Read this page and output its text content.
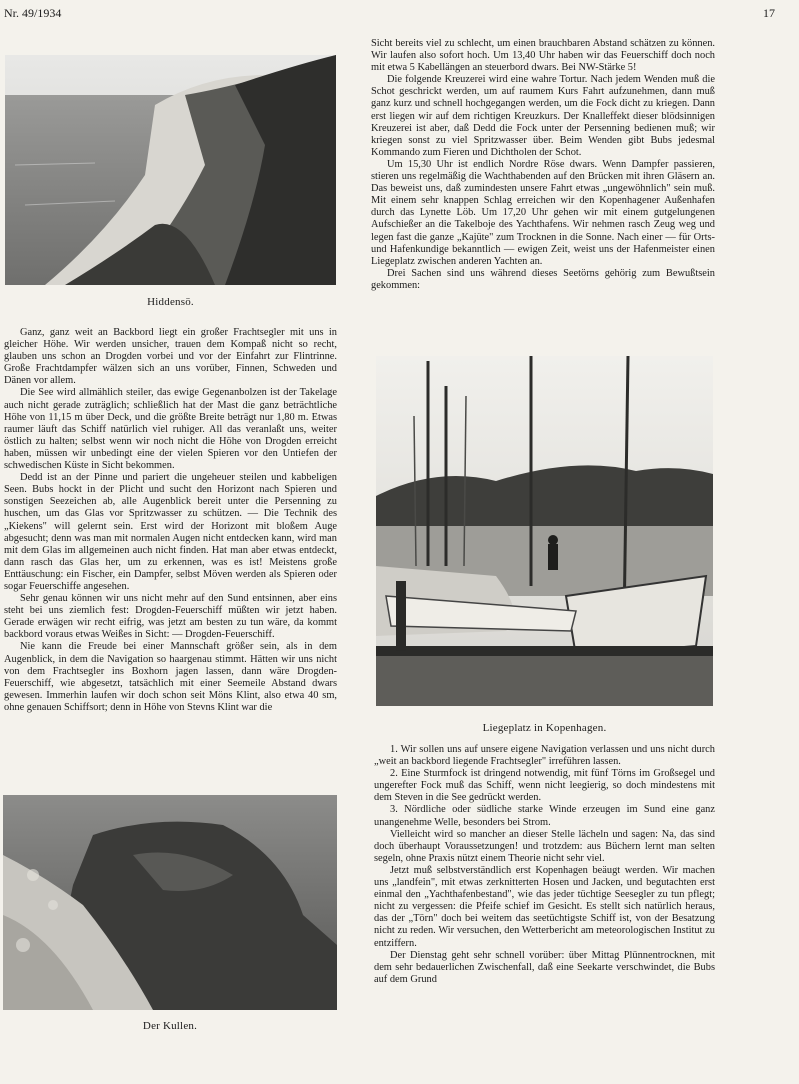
Nr. 49/1934	17
Hiddensö.

Ganz, ganz weit an Backbord liegt ein großer Frachtsegler mit uns in gleicher Höhe. Wir werden unsicher, trauen dem Kompaß nicht so recht, glauben uns schon an Drogden vorbei und vor der Einfahrt zur Flintrinne. Große Frachtdampfer wälzen sich an uns vorüber, Finnen, Schweden und Dänen vor allem.

Die See wird allmählich steiler, das ewige Gegenanbolzen ist der Takelage auch nicht gerade zuträglich; schließlich hat der Mast die ganz beträchtliche Höhe von 11,15 m über Deck, und die größte Breite beträgt nur 1,80 m. Etwas raumer läuft das Schiff natürlich viel ruhiger. All das veranlaßt uns, weiter östlich zu halten; selbst wenn wir noch nicht die Höhe von Drogden erreicht haben, müssen wir unbedingt eine der vielen Spieren vor den Untiefen der schwedischen Küste in Sicht bekommen.

Dedd ist an der Pinne und pariert die ungeheuer steilen und kabbeligen Seen. Bubs hockt in der Plicht und sucht den Horizont nach Spieren und sonstigen Seezeichen ab, alle Augenblick bereit unter die Persenning zu huschen, um das Glas vor Spritzwasser zu schützen. — Die Technik des „Kiekens" will gelernt sein. Erst wird der Horizont mit bloßem Auge abgesucht; denn was man mit normalen Augen nicht entdecken kann, wird man mit dem Glas im allgemeinen auch nicht finden. Hat man aber etwas entdeckt, dann rasch das Glas her, um zu erkennen, was es ist! Meistens große Enttäuschung: ein Fischer, ein Dampfer, selbst Möven werden als Spieren oder sogar Feuerschiffe angesehen.

Sehr genau können wir uns nicht mehr auf den Sund entsinnen, aber eins steht bei uns ziemlich fest: Drogden-Feuerschiff müßten wir jetzt haben. Gerade erwägen wir recht eifrig, was jetzt am besten zu tun wäre, da kommt backbord voraus etwas Weißes in Sicht: — Drogden-Feuerschiff.

Nie kann die Freude bei einer Mannschaft größer sein, als in dem Augenblick, in dem die Navigation so haargenau stimmt. Hätten wir uns nicht von dem Frachtsegler ins Boxhorn jagen lassen, dann wäre Drogden-Feuerschiff, wie abgesetzt, tatsächlich mit einer Seemeile Abstand dwars gewesen. Immerhin laufen wir doch schon seit Möns Klint, also etwa 40 sm, ohne genauen Schiffsort; denn in Höhe von Stevns Klint war die

Der Kullen.

Sicht bereits viel zu schlecht, um einen brauchbaren Abstand schätzen zu können. Wir laufen also sofort hoch. Um 13,40 Uhr haben wir das Feuerschiff doch noch mit etwa 5 Kabellängen an steuerbord dwars. Bei NW-Stärke 5!

Die folgende Kreuzerei wird eine wahre Tortur. Nach jedem Wenden muß die Schot geschrickt werden, um auf raumem Kurs Fahrt aufzunehmen, dann muß ganz kurz und schnell hochgegangen werden, um die Fock dicht zu kriegen. Dann erst liegen wir auf dem richtigen Kreuzkurs. Der Knalleffekt dieser blödsinnigen Kreuzerei ist aber, daß Dedd die Fock unter der Persenning bedienen muß; wir kriegen sonst zu viel Spritzwasser über. Beim Wenden gibt Bubs jedesmal Kommando zum Fieren und Dichtholen der Schot.

Um 15,30 Uhr ist endlich Nordre Röse dwars. Wenn Dampfer passieren, stieren uns regelmäßig die Wachthabenden auf den Brücken mit ihren Gläsern an. Das beweist uns, daß zumindesten unsere Fahrt etwas „ungewöhnlich" sein muß. Mit einem sehr knappen Schlag erreichen wir den Kopenhagener Außenhafen durch das Lynette Löb. Um 17,20 Uhr gehen wir mit einem gutgelungenen Aufschießer an die Takelboje des Yachthafens. Wir nehmen rasch Zeug weg und legen fast die ganze „Kajüte" zum Trocknen in die Sonne. Nach einer — für Orts- und Hafenkundige bekanntlich — ewigen Zeit, weist uns der Hafenmeister einen Liegeplatz zwischen anderen Yachten an.

Drei Sachen sind uns während dieses Seetörns gehörig zum Bewußtsein gekommen:

Liegeplatz in Kopenhagen.

1. Wir sollen uns auf unsere eigene Navigation verlassen und uns nicht durch „weit an backbord liegende Frachtsegler" irreführen lassen.

2. Eine Sturmfock ist dringend notwendig, mit fünf Törns im Großsegel und ungerefter Fock muß das Schiff, wenn nicht leegierig, so doch mindestens mit dem Steven in die See gedrückt werden.

3. Nördliche oder südliche starke Winde erzeugen im Sund eine ganz unangenehme Welle, besonders bei Strom.

Vielleicht wird so mancher an dieser Stelle lächeln und sagen: Na, das sind doch überhaupt Voraussetzungen! und trotzdem: aus Büchern lernt man selten segeln, ohne Praxis nützt einem Theorie nicht sehr viel.

Jetzt muß selbstverständlich erst Kopenhagen beäugt werden. Wir machen uns „landfein", mit etwas zerknitterten Hosen und Jacken, und begutachten erst einmal den „Yachthafenbestand", wie das jeder tüchtige Seesegler zu tun pflegt; nicht zu vergessen: die Pfeife schief im Gesicht. Es stellt sich natürlich heraus, das der „Törn" doch bei weitem das seetüchtigste Schiff ist, von der Besatzung nicht zu reden. Wir versuchen, den Wetterbericht am meteorologischen Institut zu entziffern.

Der Dienstag geht sehr schnell vorüber: über Mittag Plünnentrocknen, mit dem sehr bedauerlichen Zwischenfall, daß eine Seekarte verschwindet, die Bubs auf dem Grund
